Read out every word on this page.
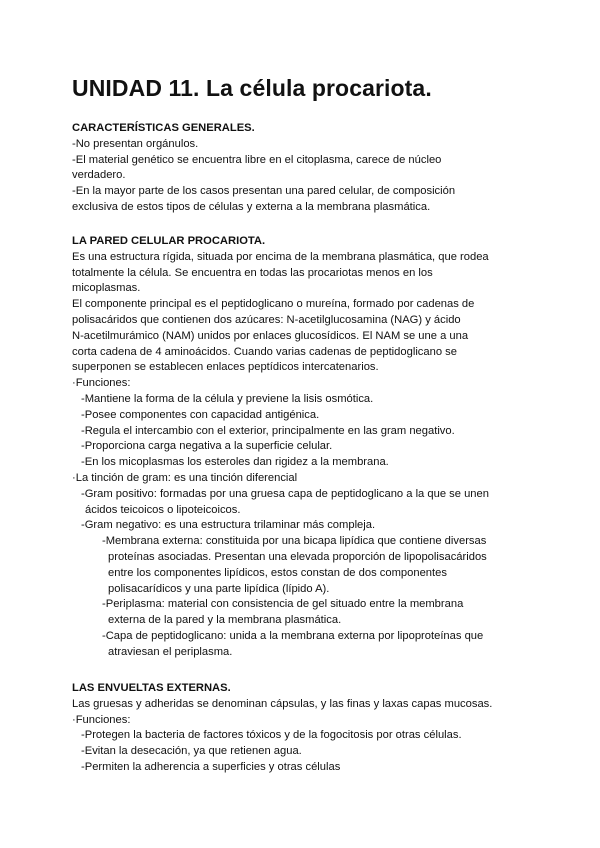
UNIDAD 11. La célula procariota.

CARACTERÍSTICAS GENERALES.

-No presentan orgánulos.

-El material genético se encuentra libre en el citoplasma, carece de núcleo

verdadero.

-En la mayor parte de los casos presentan una pared celular, de composición

exclusiva de estos tipos de células y externa a la membrana plasmática.

LA PARED CELULAR PROCARIOTA.

Es una estructura rígida, situada por encima de la membrana plasmática, que rodea

totalmente la célula. Se encuentra en todas las procariotas menos en los

micoplasmas.

El componente principal es el peptidoglicano o mureína, formado por cadenas de

polisacáridos que contienen dos azúcares: N-acetilglucosamina (NAG) y ácido

N-acetilmurámico (NAM) unidos por enlaces glucosídicos. El NAM se une a una

corta cadena de 4 aminoácidos. Cuando varias cadenas de peptidoglicano se

superponen se establecen enlaces peptídicos intercatenarios.

·Funciones:

-Mantiene la forma de la célula y previene la lisis osmótica.

-Posee componentes con capacidad antigénica.

-Regula el intercambio con el exterior, principalmente en las gram negativo.

-Proporciona carga negativa a la superficie celular.

-En los micoplasmas los esteroles dan rigidez a la membrana.

·La tinción de gram: es una tinción diferencial

-Gram positivo: formadas por una gruesa capa de peptidoglicano a la que se unen

ácidos teicoicos o lipoteicoicos.

-Gram negativo: es una estructura trilaminar más compleja.

-Membrana externa: constituida por una bicapa lipídica que contiene diversas

proteínas asociadas. Presentan una elevada proporción de lipopolisacáridos

entre los componentes lipídicos, estos constan de dos componentes

polisacarídicos y una parte lipídica (lípido A).

-Periplasma: material con consistencia de gel situado entre la membrana

externa de la pared y la membrana plasmática.

-Capa de peptidoglicano: unida a la membrana externa por lipoproteínas que

atraviesan el periplasma.

LAS ENVUELTAS EXTERNAS.

Las gruesas y adheridas se denominan cápsulas, y las finas y laxas capas mucosas.

·Funciones:

-Protegen la bacteria de factores tóxicos y de la fogocitosis por otras células.

-Evitan la desecación, ya que retienen agua.

-Permiten la adherencia a superficies y otras células
